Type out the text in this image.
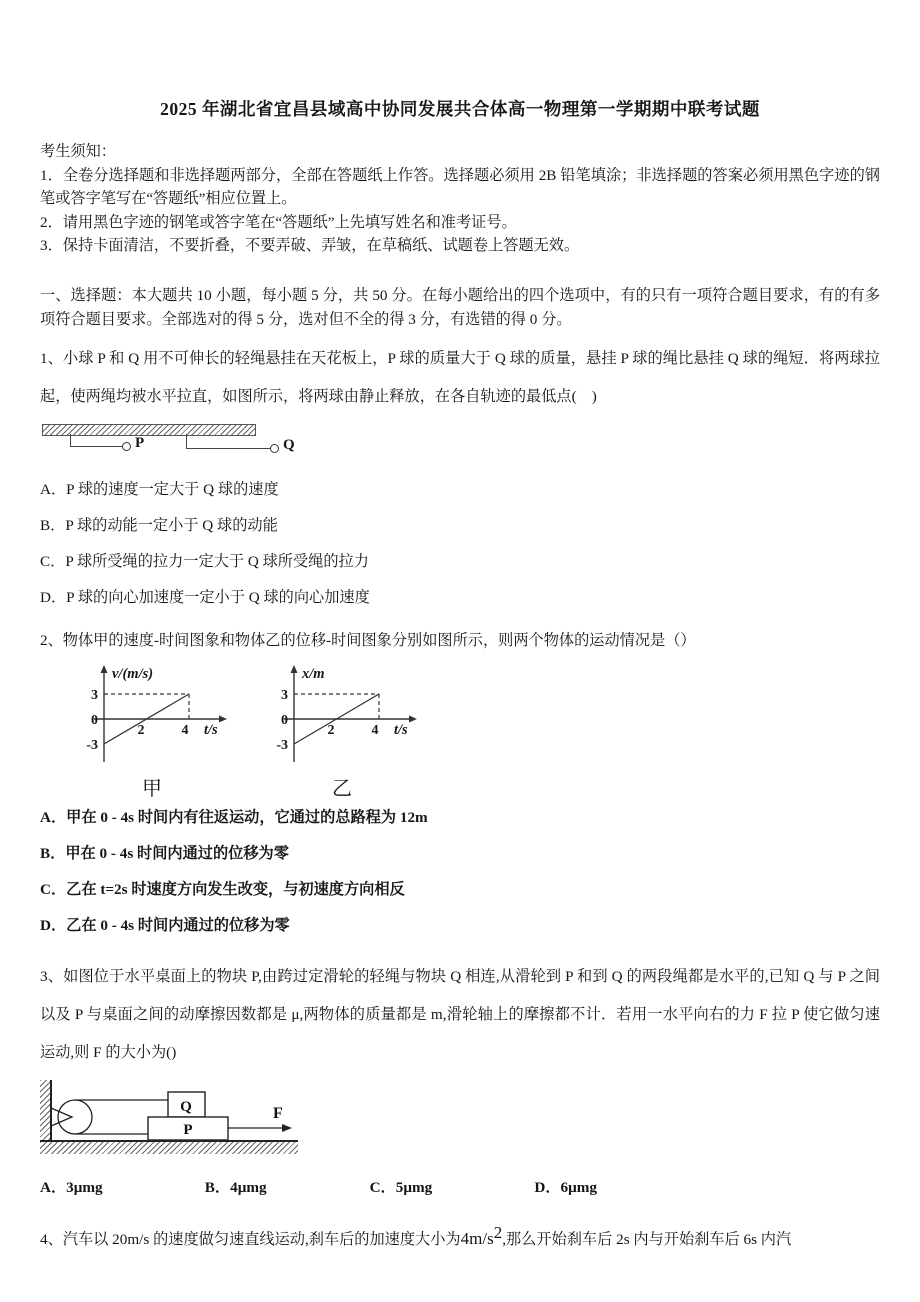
2025 年湖北省宜昌县域高中协同发展共合体高一物理第一学期期中联考试题

考生须知：

1．全卷分选择题和非选择题两部分，全部在答题纸上作答。选择题必须用 2B 铅笔填涂；非选择题的答案必须用黑色字迹的钢笔或答字笔写在“答题纸”相应位置上。

2．请用黑色字迹的钢笔或答字笔在“答题纸”上先填写姓名和准考证号。

3．保持卡面清洁，不要折叠，不要弄破、弄皱，在草稿纸、试题卷上答题无效。

一、选择题：本大题共 10 小题，每小题 5 分，共 50 分。在每小题给出的四个选项中，有的只有一项符合题目要求，有的有多项符合题目要求。全部选对的得 5 分，选对但不全的得 3 分，有选错的得 0 分。

1、小球 P 和 Q 用不可伸长的轻绳悬挂在天花板上，P 球的质量大于 Q 球的质量，悬挂 P 球的绳比悬挂 Q 球的绳短．将两球拉起，使两绳均被水平拉直，如图所示，将两球由静止释放，在各自轨迹的最低点(　)

P	Q

A．P 球的速度一定大于 Q 球的速度

B．P 球的动能一定小于 Q 球的动能

C．P 球所受绳的拉力一定大于 Q 球所受绳的拉力

D．P 球的向心加速度一定小于 Q 球的向心加速度

2、物体甲的速度-时间图象和物体乙的位移-时间图象分别如图所示，则两个物体的运动情况是（）

v/(m/s)
3
0
-3
2	4 t/s
甲
x/m
3
0
-3
2	4 t/s
乙

A．甲在 0 - 4s 时间内有往返运动，它通过的总路程为 12m

B．甲在 0 - 4s 时间内通过的位移为零

C．乙在 t=2s 时速度方向发生改变，与初速度方向相反

D．乙在 0 - 4s 时间内通过的位移为零

3、如图位于水平桌面上的物块 P,由跨过定滑轮的轻绳与物块 Q 相连,从滑轮到 P 和到 Q 的两段绳都是水平的,已知 Q 与 P 之间以及 P 与桌面之间的动摩擦因数都是 μ,两物体的质量都是 m,滑轮轴上的摩擦都不计．若用一水平向右的力 F 拉 P 使它做匀速运动,则 F 的大小为()

Q
P
F

A．3μmg	B．4μmg	C．5μmg	D．6μmg

4、汽车以 20m/s 的速度做匀速直线运动,刹车后的加速度大小为$4m/s^2$,那么开始刹车后 2s 内与开始刹车后 6s 内汽
